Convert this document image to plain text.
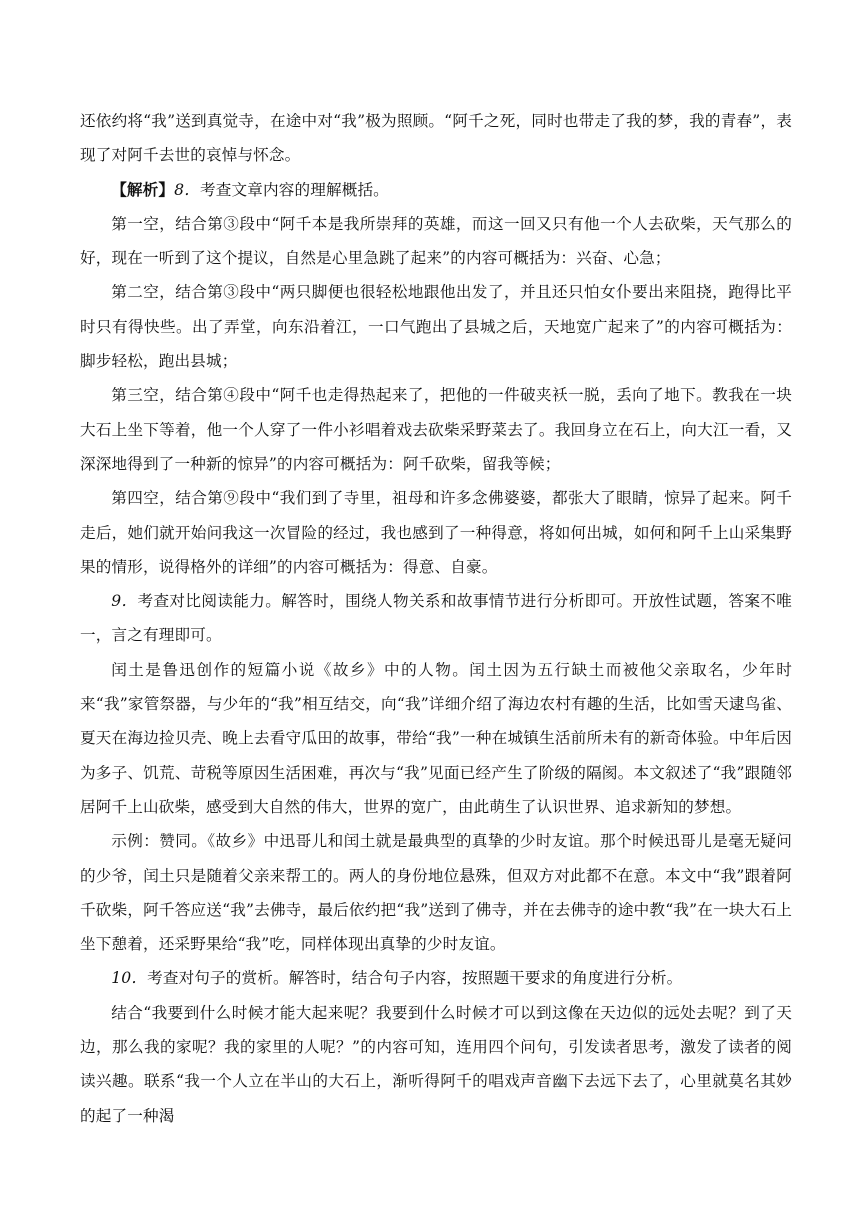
还依约将“我”送到真觉寺，在途中对“我”极为照顾。“阿千之死，同时也带走了我的梦，我的青春”，表现了对阿千去世的哀悼与怀念。

【解析】8．考查文章内容的理解概括。

第一空，结合第③段中“阿千本是我所崇拜的英雄，而这一回又只有他一个人去砍柴，天气那么的好，现在一听到了这个提议，自然是心里急跳了起来”的内容可概括为：兴奋、心急；

第二空，结合第③段中“两只脚便也很轻松地跟他出发了，并且还只怕女仆要出来阻挠，跑得比平时只有得快些。出了弄堂，向东沿着江，一口气跑出了县城之后，天地宽广起来了”的内容可概括为：脚步轻松，跑出县城；

第三空，结合第④段中“阿千也走得热起来了，把他的一件破夹袄一脱，丢向了地下。教我在一块大石上坐下等着，他一个人穿了一件小衫唱着戏去砍柴采野菜去了。我回身立在石上，向大江一看，又深深地得到了一种新的惊异”的内容可概括为：阿千砍柴，留我等候；

第四空，结合第⑨段中“我们到了寺里，祖母和许多念佛婆婆，都张大了眼睛，惊异了起来。阿千走后，她们就开始问我这一次冒险的经过，我也感到了一种得意，将如何出城，如何和阿千上山采集野果的情形，说得格外的详细”的内容可概括为：得意、自豪。

9．考查对比阅读能力。解答时，围绕人物关系和故事情节进行分析即可。开放性试题，答案不唯一，言之有理即可。

闰土是鲁迅创作的短篇小说《故乡》中的人物。闰土因为五行缺土而被他父亲取名，少年时来“我”家管祭器，与少年的“我”相互结交，向“我”详细介绍了海边农村有趣的生活，比如雪天逮鸟雀、夏天在海边捡贝壳、晚上去看守瓜田的故事，带给“我”一种在城镇生活前所未有的新奇体验。中年后因为多子、饥荒、苛税等原因生活困难，再次与“我”见面已经产生了阶级的隔阂。本文叙述了“我”跟随邻居阿千上山砍柴，感受到大自然的伟大，世界的宽广，由此萌生了认识世界、追求新知的梦想。

示例：赞同。《故乡》中迅哥儿和闰土就是最典型的真挚的少时友谊。那个时候迅哥儿是毫无疑问的少爷，闰土只是随着父亲来帮工的。两人的身份地位悬殊，但双方对此都不在意。本文中“我”跟着阿千砍柴，阿千答应送“我”去佛寺，最后依约把“我”送到了佛寺，并在去佛寺的途中教“我”在一块大石上坐下憩着，还采野果给“我”吃，同样体现出真挚的少时友谊。

10．考查对句子的赏析。解答时，结合句子内容，按照题干要求的角度进行分析。

结合“我要到什么时候才能大起来呢？我要到什么时候才可以到这像在天边似的远处去呢？到了天边，那么我的家呢？我的家里的人呢？”的内容可知，连用四个问句，引发读者思考，激发了读者的阅读兴趣。联系“我一个人立在半山的大石上，渐听得阿千的唱戏声音幽下去远下去了，心里就莫名其妙的起了一种渴
